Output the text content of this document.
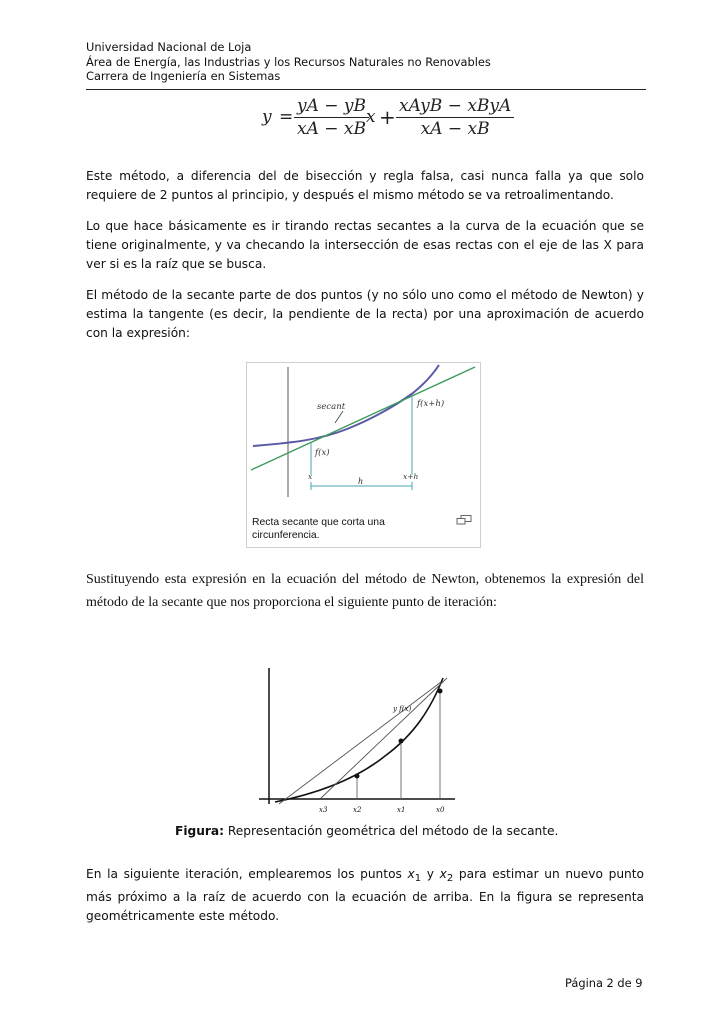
Universidad Nacional de Loja
Área de Energía, las Industrias y los Recursos Naturales no Renovables
Carrera de Ingeniería en Sistemas
$y = \frac{yA - yB}{xA - xB}$
x + xAyB − xByA
xA − xB
Este método, a diferencia del de bisección y regla falsa, casi nunca falla ya que solo requiere de 2 puntos al principio, y después el mismo método se va retroalimentando.
Lo que hace básicamente es ir tirando rectas secantes a la curva de la ecuación que se tiene originalmente, y va checando la intersección de esas rectas con el eje de las X para ver si es la raíz que se busca.
El método de la secante parte de dos puntos (y no sólo uno como el método de Newton) y estima la tangente (es decir, la pendiente de la recta) por una aproximación de acuerdo con la expresión:
secant
f(x)
f(x+h)
x	x+h
h
Recta secante que corta una circunferencia.
Sustituyendo esta expresión en la ecuación del método de Newton, obtenemos la expresión del método de la secante que nos proporciona el siguiente punto de iteración:
y f(x)
x3	x2	x1	x0
Figura: Representación geométrica del método de la secante.
En la siguiente iteración, emplearemos los puntos $x_1$ y $x_2$ para estimar un nuevo punto más próximo a la raíz de acuerdo con la ecuación de arriba. En la figura se representa geométricamente este método.
Página 2 de 9
